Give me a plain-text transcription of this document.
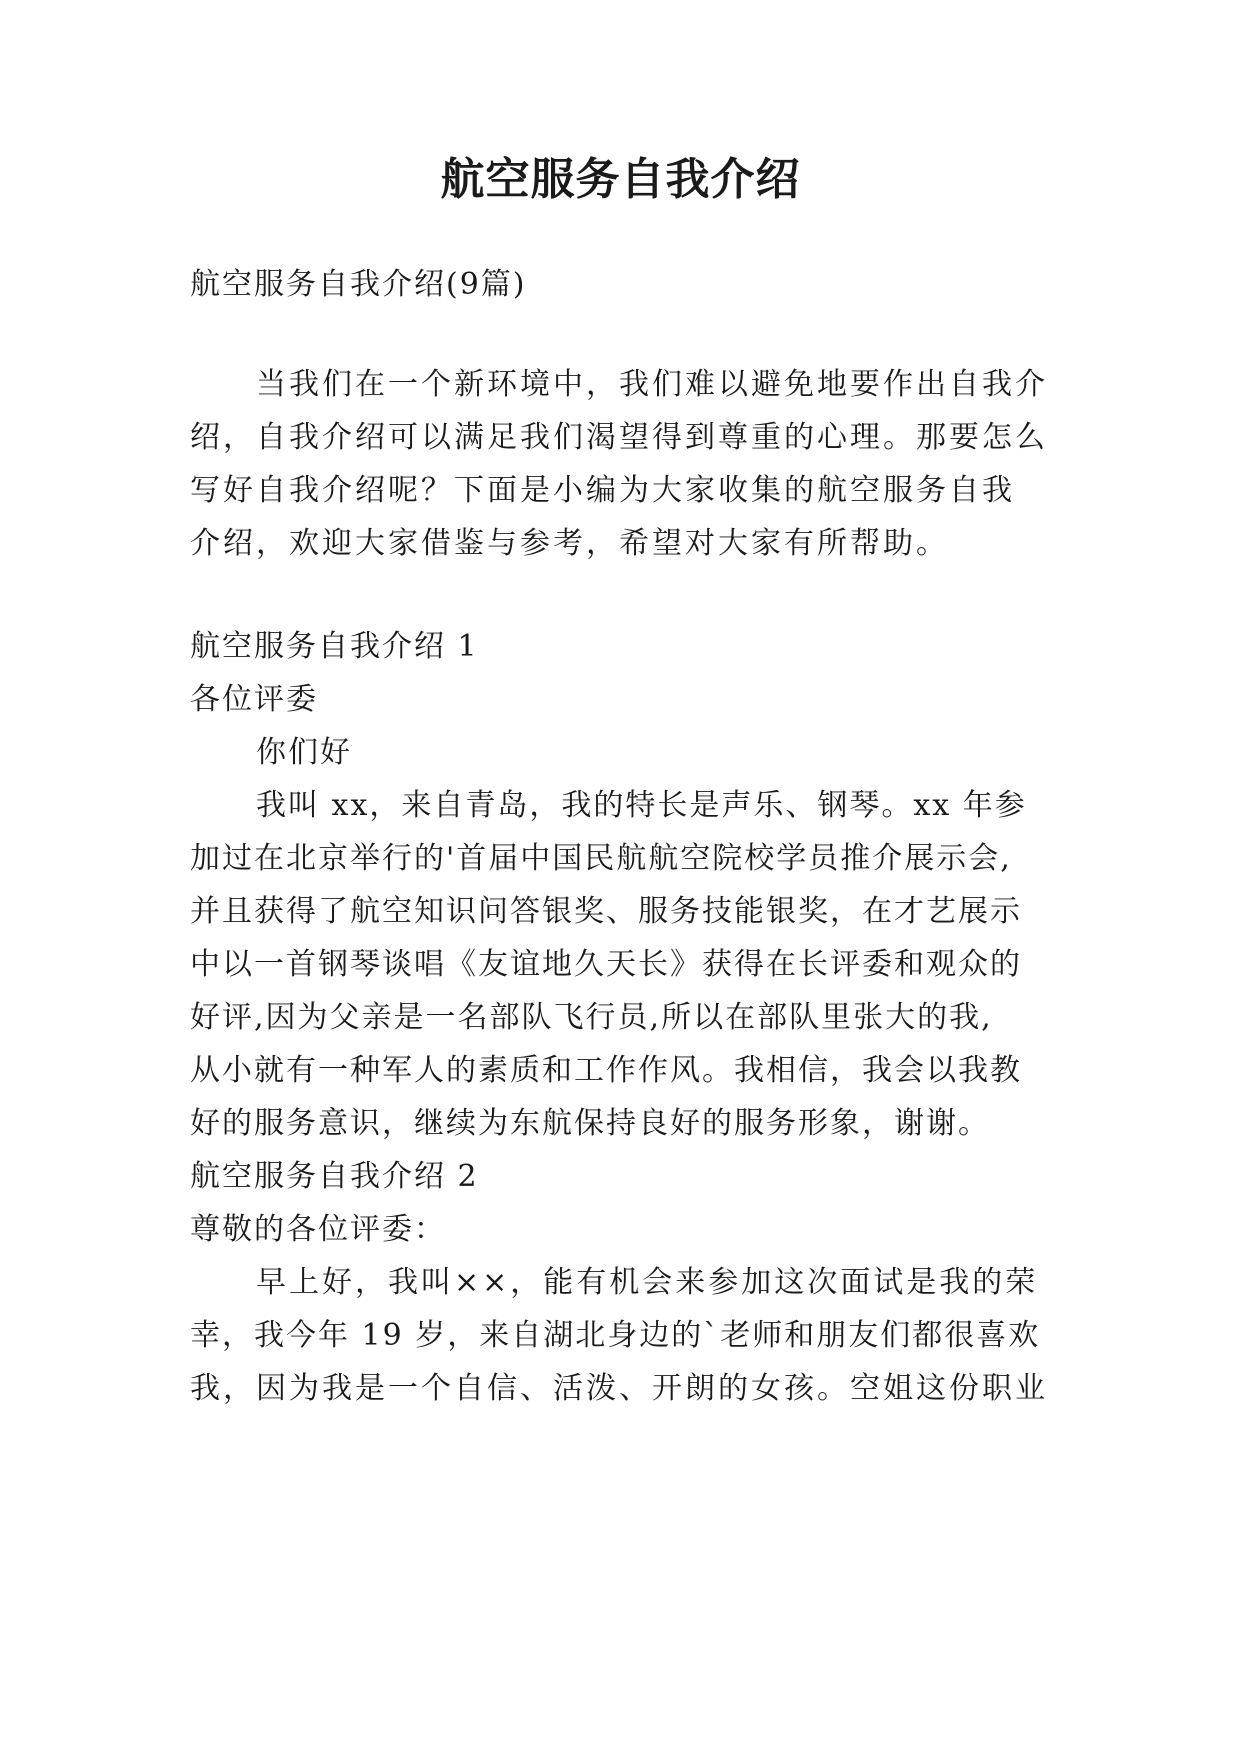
航空服务自我介绍

航空服务自我介绍(9篇)

当我们在一个新环境中，我们难以避免地要作出自我介

绍，自我介绍可以满足我们渴望得到尊重的心理。那要怎么

写好自我介绍呢？下面是小编为大家收集的航空服务自我

介绍，欢迎大家借鉴与参考，希望对大家有所帮助。

航空服务自我介绍 1

各位评委

你们好

我叫 xx，来自青岛，我的特长是声乐、钢琴。xx 年参

加过在北京举行的'首届中国民航航空院校学员推介展示会,

并且获得了航空知识问答银奖、服务技能银奖，在才艺展示

中以一首钢琴谈唱《友谊地久天长》获得在长评委和观众的

好评,因为父亲是一名部队飞行员,所以在部队里张大的我,

从小就有一种军人的素质和工作作风。我相信，我会以我教

好的服务意识，继续为东航保持良好的服务形象，谢谢。

航空服务自我介绍 2

尊敬的各位评委：

早上好，我叫××，能有机会来参加这次面试是我的荣

幸，我今年 19 岁，来自湖北身边的`老师和朋友们都很喜欢

我，因为我是一个自信、活泼、开朗的女孩。空姐这份职业
